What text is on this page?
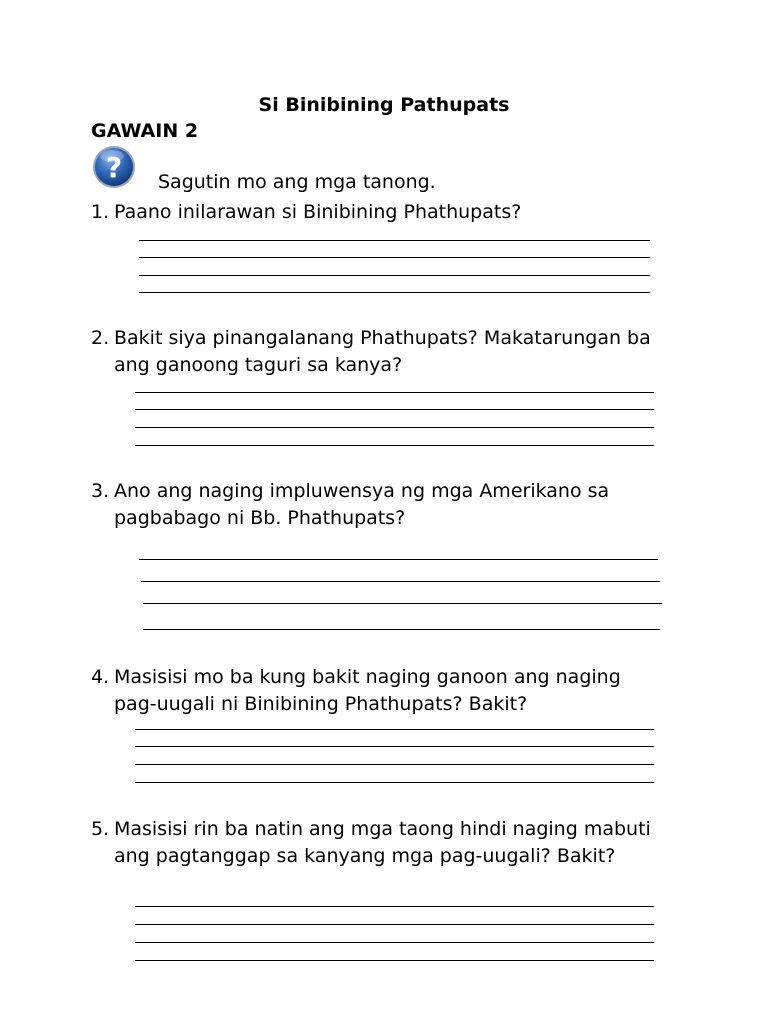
Si Binibining Pathupats
GAWAIN 2
? Sagutin mo ang mga tanong.
1. Paano inilarawan si Binibining Phathupats?
2. Bakit siya pinangalanang Phathupats? Makatarungan ba ang ganoong taguri sa kanya?
3. Ano ang naging impluwensya ng mga Amerikano sa pagbabago ni Bb. Phathupats?
4. Masisisi mo ba kung bakit naging ganoon ang naging pag-uugali ni Binibining Phathupats? Bakit?
5. Masisisi rin ba natin ang mga taong hindi naging mabuti ang pagtanggap sa kanyang mga pag-uugali? Bakit?
